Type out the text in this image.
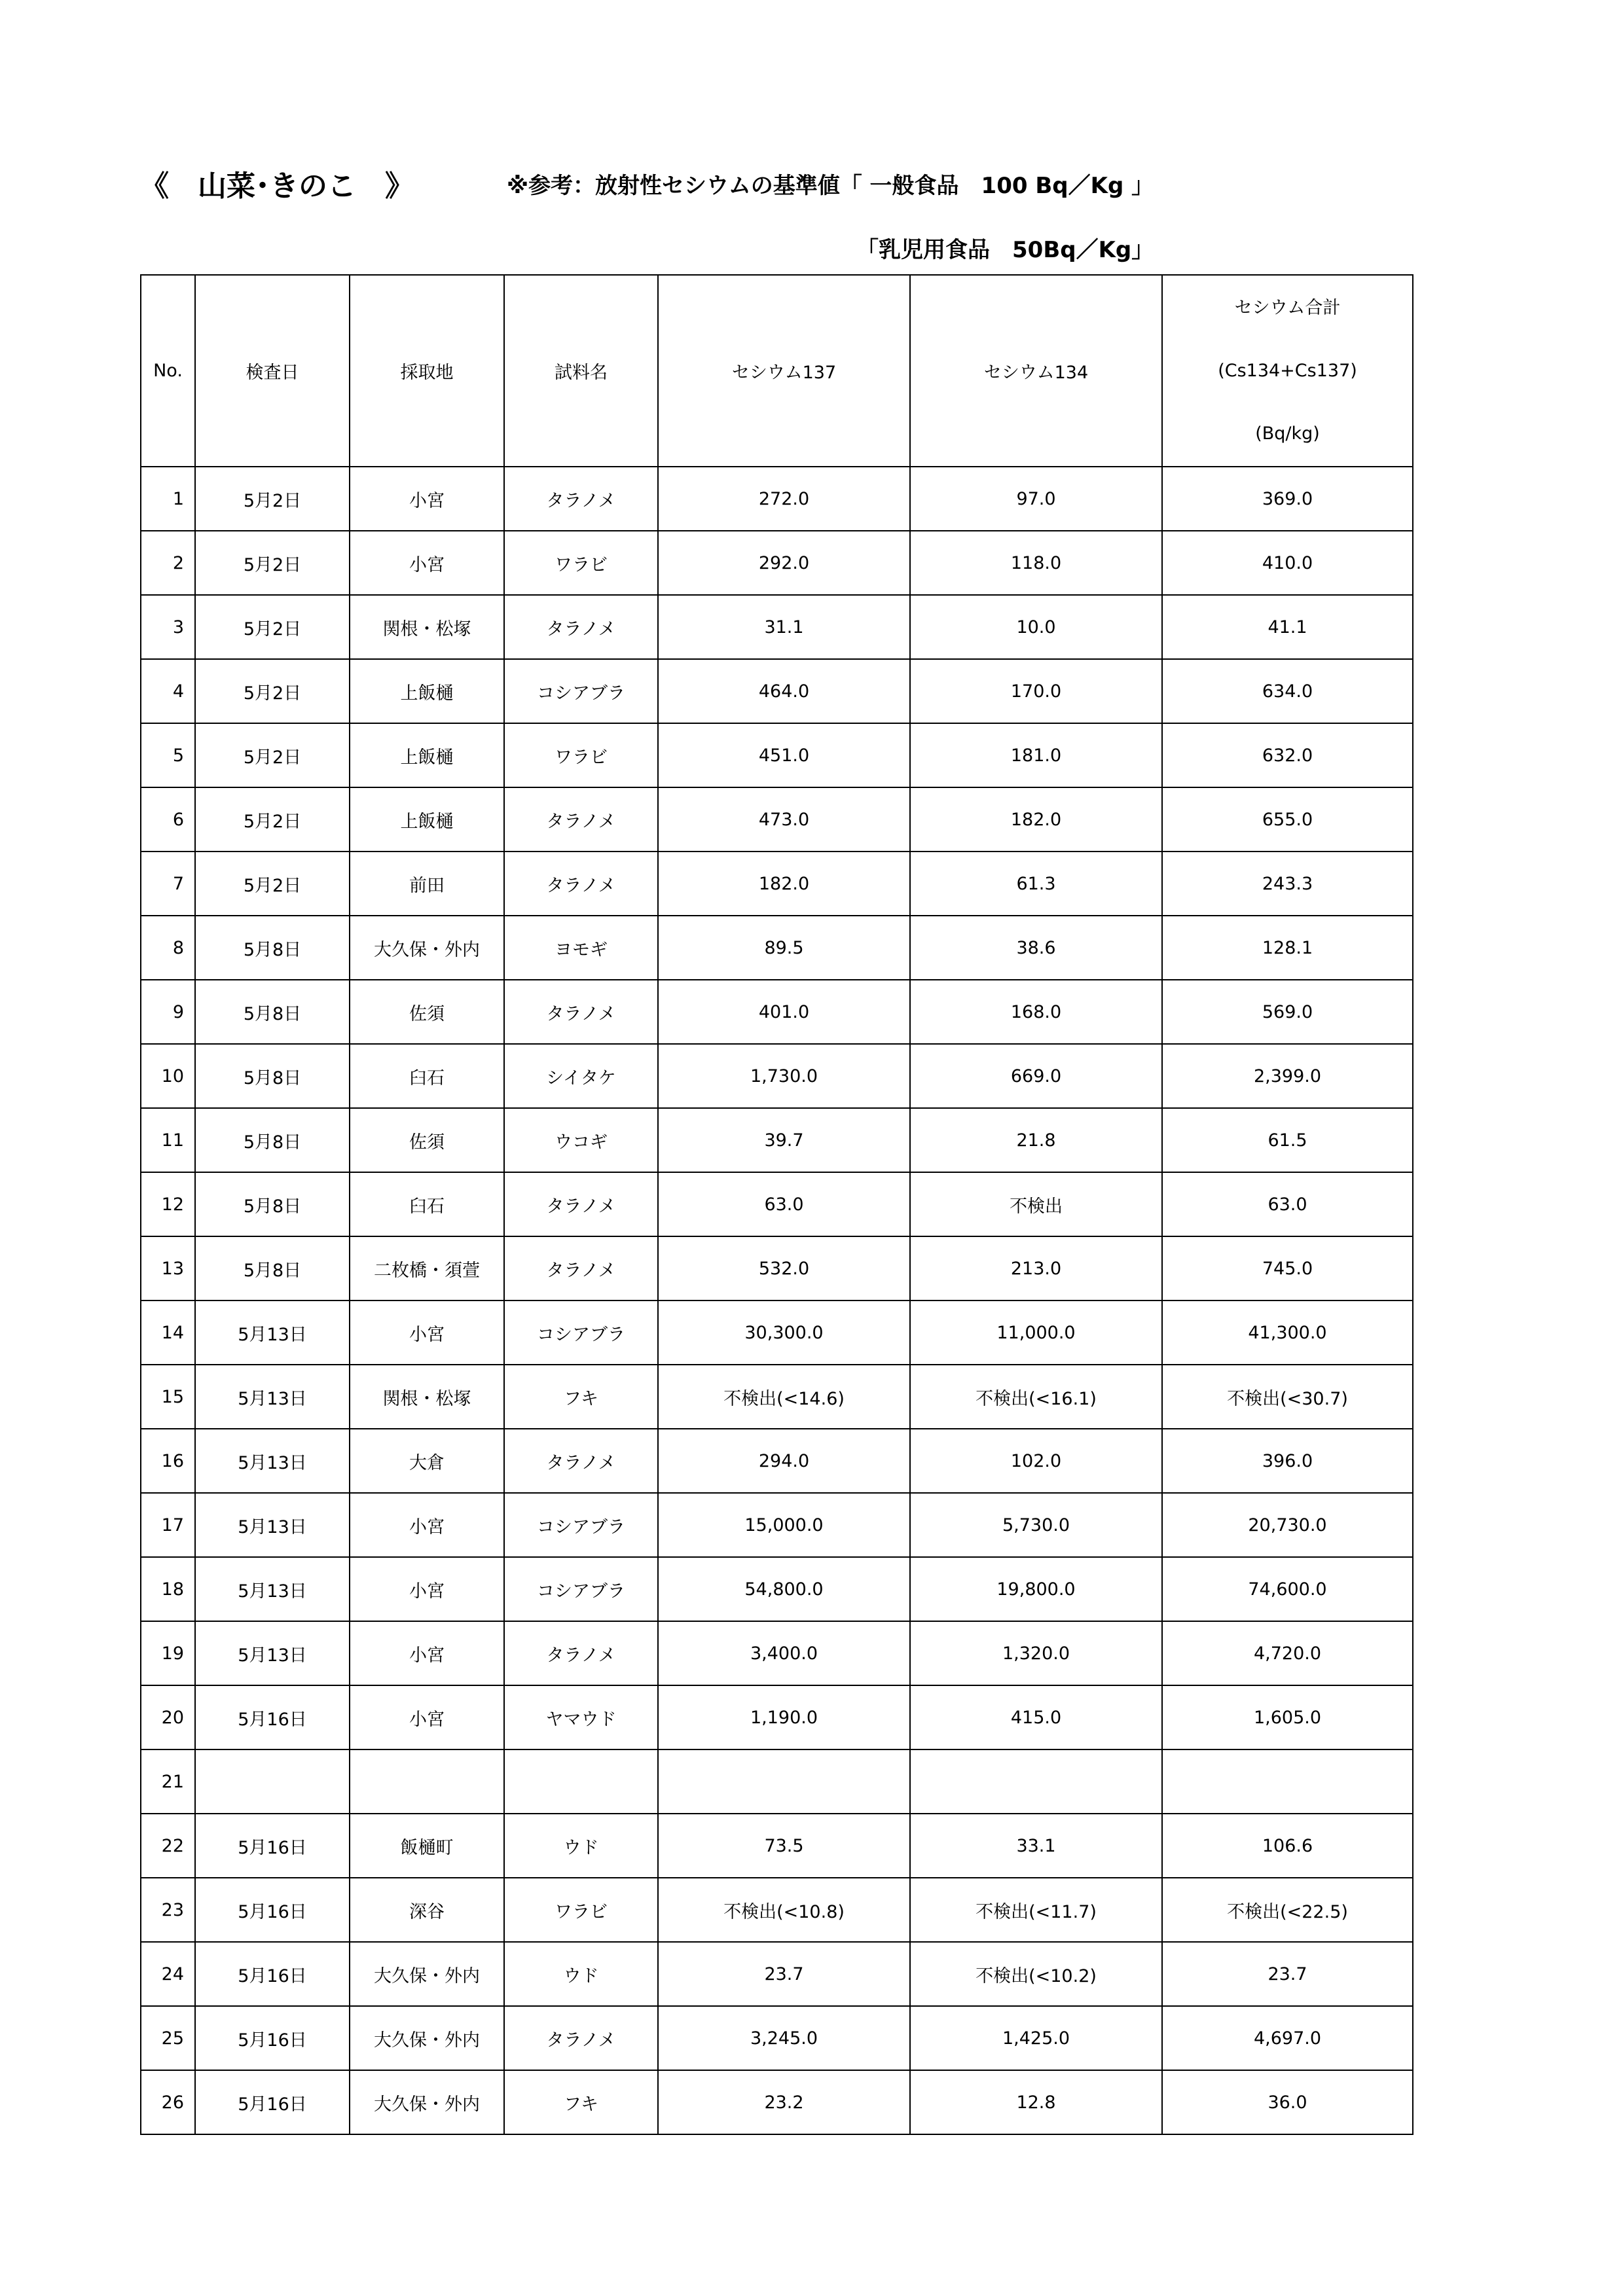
《　山菜･きのこ　》	※参考：放射性セシウムの基準値「 一般食品　100 Bq／Kg 」
「乳児用食品　50Bq／Kg」
No.	検査日	採取地	試料名	セシウム137	セシウム134	セシウム合計
(Cs134+Cs137)
(Bq/kg)

1	5月2日	小宮	タラノメ	272.0	97.0	369.0
2	5月2日	小宮	ワラビ	292.0	118.0	410.0
3	5月2日	関根・松塚	タラノメ	31.1	10.0	41.1
4	5月2日	上飯樋	コシアブラ	464.0	170.0	634.0
5	5月2日	上飯樋	ワラビ	451.0	181.0	632.0
6	5月2日	上飯樋	タラノメ	473.0	182.0	655.0
7	5月2日	前田	タラノメ	182.0	61.3	243.3
8	5月8日	大久保・外内	ヨモギ	89.5	38.6	128.1
9	5月8日	佐須	タラノメ	401.0	168.0	569.0
10	5月8日	臼石	シイタケ	1,730.0	669.0	2,399.0
11	5月8日	佐須	ウコギ	39.7	21.8	61.5
12	5月8日	臼石	タラノメ	63.0	不検出	63.0
13	5月8日	二枚橋・須萱	タラノメ	532.0	213.0	745.0
14	5月13日	小宮	コシアブラ	30,300.0	11,000.0	41,300.0
15	5月13日	関根・松塚	フキ	不検出(<14.6)	不検出(<16.1)	不検出(<30.7)
16	5月13日	大倉	タラノメ	294.0	102.0	396.0
17	5月13日	小宮	コシアブラ	15,000.0	5,730.0	20,730.0
18	5月13日	小宮	コシアブラ	54,800.0	19,800.0	74,600.0
19	5月13日	小宮	タラノメ	3,400.0	1,320.0	4,720.0
20	5月16日	小宮	ヤマウド	1,190.0	415.0	1,605.0
21						
22	5月16日	飯樋町	ウド	73.5	33.1	106.6
23	5月16日	深谷	ワラビ	不検出(<10.8)	不検出(<11.7)	不検出(<22.5)
24	5月16日	大久保・外内	ウド	23.7	不検出(<10.2)	23.7
25	5月16日	大久保・外内	タラノメ	3,245.0	1,425.0	4,697.0
26	5月16日	大久保・外内	フキ	23.2	12.8	36.0
